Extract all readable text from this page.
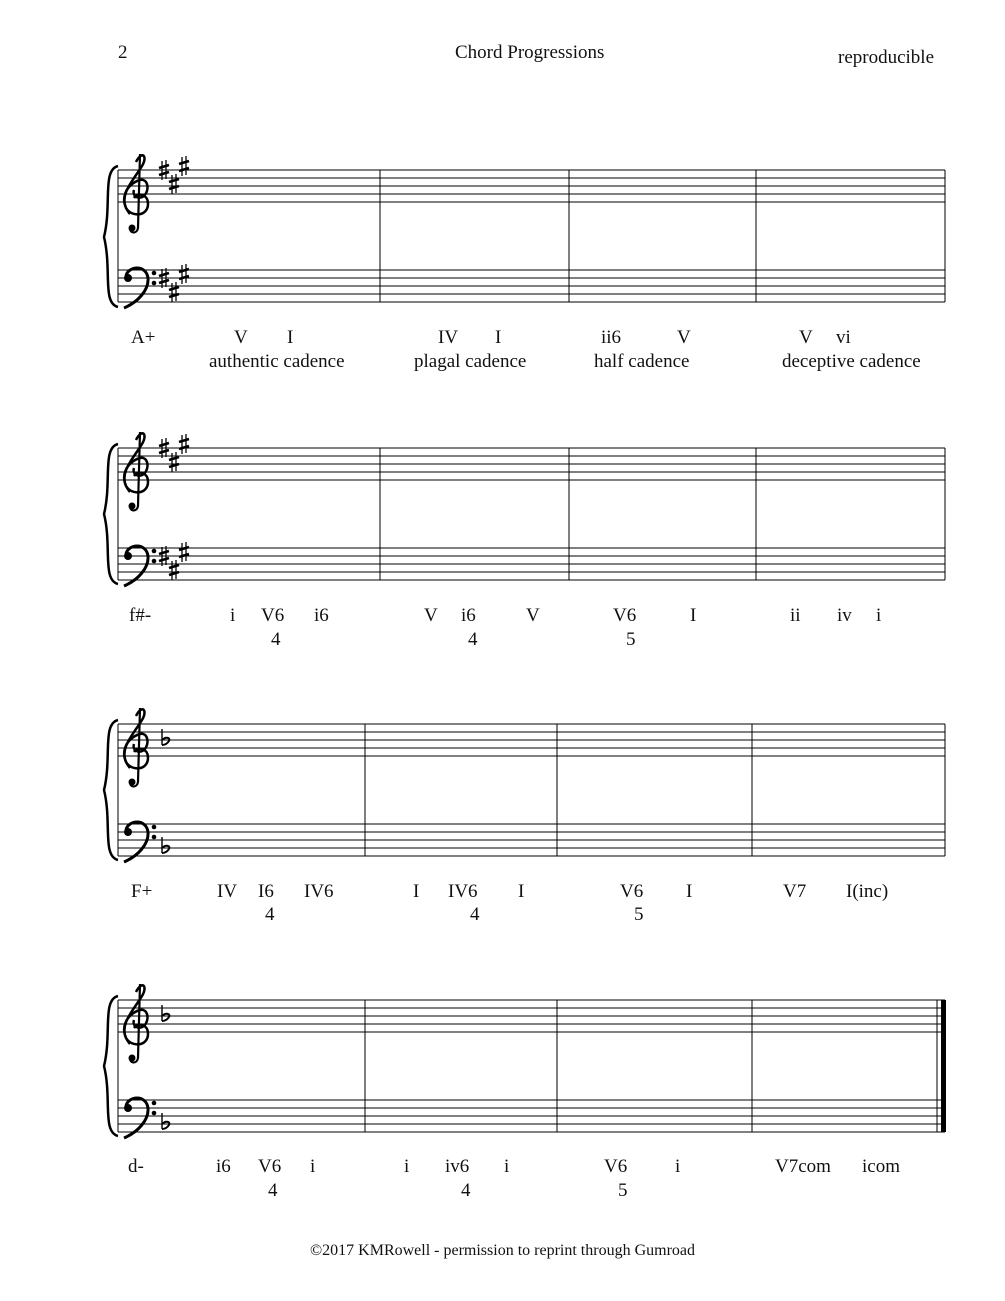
2	Chord Progressions	reproducible
A+	V I	IV I	ii6	V	V vi
authentic cadence	plagal cadence	half cadence	deceptive cadence
f#-	i V6 i6	V i6	V	V6	I	ii iv i
4	4	5
F+	IV I6 IV6	I IV6 I	V6 I	V7 I(inc)
4	4	5
d-	i6 V6 i	i iv6 i	V6	i	V7com icom
4	4	5
©2017 KMRowell - permission to reprint through Gumroad
